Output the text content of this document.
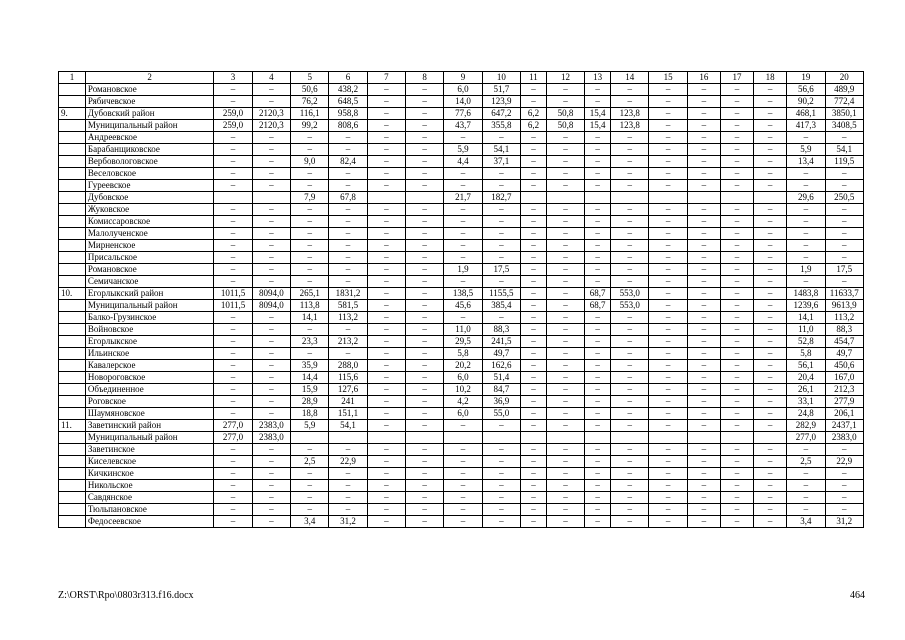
1	2	3	4	5	6	7	8	9	10	11	12	13	14	15	16	17	18	19	20
	Романовское	–	–	50,6	438,2	–	–	6,0	51,7	–	–	–	–	–	–	–	–	56,6	489,9
	Рябичевское	–	–	76,2	648,5	–	–	14,0	123,9	–	–	–	–	–	–	–	–	90,2	772,4
9.	Дубовский район	259,0	2120,3	116,1	958,8	–	–	77,6	647,2	6,2	50,8	15,4	123,8	–	–	–	–	468,1	3850,1
	Муниципальный район	259,0	2120,3	99,2	808,6	–	–	43,7	355,8	6,2	50,8	15,4	123,8	–	–	–	–	417,3	3408,5
	Андреевское	–	–	–	–	–	–	–	–	–	–	–	–	–	–	–	–	–	–
	Барабанщиковское	–	–	–	–	–	–	5,9	54,1	–	–	–	–	–	–	–	–	5,9	54,1
	Вербовологовское	–	–	9,0	82,4	–	–	4,4	37,1	–	–	–	–	–	–	–	–	13,4	119,5
	Веселовское	–	–	–	–	–	–	–	–	–	–	–	–	–	–	–	–	–	–
	Гуреевское	–	–	–	–	–	–	–	–	–	–	–	–	–	–	–	–	–	–
	Дубовское			7,9	67,8			21,7	182,7									29,6	250,5
	Жуковское	–	–	–	–	–	–	–	–	–	–	–	–	–	–	–	–	–	–
	Комиссаровское	–	–	–	–	–	–	–	–	–	–	–	–	–	–	–	–	–	–
	Малолученское	–	–	–	–	–	–	–	–	–	–	–	–	–	–	–	–	–	–
	Мирненское	–	–	–	–	–	–	–	–	–	–	–	–	–	–	–	–	–	–
	Присальское	–	–	–	–	–	–	–	–	–	–	–	–	–	–	–	–	–	–
	Романовское	–	–	–	–	–	–	1,9	17,5	–	–	–	–	–	–	–	–	1,9	17,5
	Семичанское	–	–	–	–	–	–	–	–	–	–	–	–	–	–	–	–	–	–
10.	Егорлыкский район	1011,5	8094,0	265,1	1831,2	–	–	138,5	1155,5	–	–	68,7	553,0	–	–	–	–	1483,8	11633,7
	Муниципальный район	1011,5	8094,0	113,8	581,5	–	–	45,6	385,4	–	–	68,7	553,0	–	–	–	–	1239,6	9613,9
	Балко-Грузинское	–	–	14,1	113,2	–	–	–	–	–	–	–	–	–	–	–	–	14,1	113,2
	Войновское	–	–	–	–	–	–	11,0	88,3	–	–	–	–	–	–	–	–	11,0	88,3
	Егорлыкское	–	–	23,3	213,2	–	–	29,5	241,5	–	–	–	–	–	–	–	–	52,8	454,7
	Ильинское	–	–	–	–	–	–	5,8	49,7	–	–	–	–	–	–	–	–	5,8	49,7
	Кавалерское	–	–	35,9	288,0	–	–	20,2	162,6	–	–	–	–	–	–	–	–	56,1	450,6
	Новороговское	–	–	14,4	115,6	–	–	6,0	51,4	–	–	–	–	–	–	–	–	20,4	167,0
	Объединенное	–	–	15,9	127,6	–	–	10,2	84,7	–	–	–	–	–	–	–	–	26,1	212,3
	Роговское	–	–	28,9	241	–	–	4,2	36,9	–	–	–	–	–	–	–	–	33,1	277,9
	Шаумяновское	–	–	18,8	151,1	–	–	6,0	55,0	–	–	–	–	–	–	–	–	24,8	206,1
11.	Заветинский район	277,0	2383,0	5,9	54,1	–	–	–	–	–	–	–	–	–	–	–	–	282,9	2437,1
	Муниципальный район	277,0	2383,0															277,0	2383,0
	Заветинское	–	–	–	–	–	–	–	–	–	–	–	–	–	–	–	–	–	–
	Киселевское	–	–	2,5	22,9	–	–	–	–	–	–	–	–	–	–	–	–	2,5	22,9
	Кичкинское	–	–	–	–	–	–	–	–	–	–	–	–	–	–	–	–	–	–
	Никольское	–	–	–	–	–	–	–	–	–	–	–	–	–	–	–	–	–	–
	Савдянское	–	–	–	–	–	–	–	–	–	–	–	–	–	–	–	–	–	–
	Тюльпановское	–	–	–	–	–	–	–	–	–	–	–	–	–	–	–	–	–	–
	Федосеевское	–	–	3,4	31,2	–	–	–	–	–	–	–	–	–	–	–	–	3,4	31,2
Z:\ORST\Rpo\0803r313.f16.docx	464
